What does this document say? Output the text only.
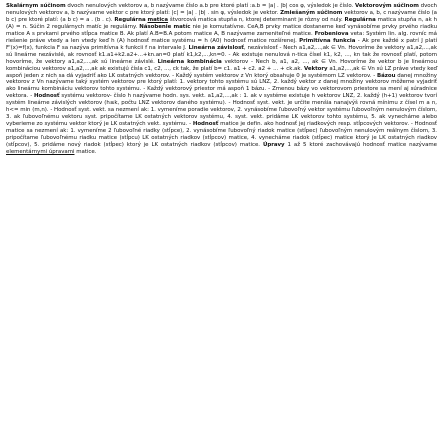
Skalárnym súčinom dvoch nenulových vektorov a, b nazývame číslo a.b pre ktoré platí :a.b = |a| . |b| cos φ, výsledok je číslo. Vektorovým súčinom dvoch nenulových vektorov a, b nazývame vektor c pre ktorý platí: |c| = |a| . |b| . sin φ, výsledok je vektor. Zmiešaným súčinom vektorov a, b, c nazývame číslo (a b c) pre ktoré platí: (a b c) = a . (b . c). Regulárna matica štvorcová matica stupňa n, ktorej determinant je rôzny od nuly. Regulárna matica stupňa n, ak h (A) = n. Súčin 2 regulárnych matíc je regulárny. Násobenie matíc nie je komutatívne. CeA,B prvky matice dostaneme keď vynásobíme prvky prvého riadku matice A s prvkami prvého stĺpca matice B. Ak platí A.B=B.A potom matice A, B nazývame zameniteľné matice. Frobeniova veta: Systém lin. alg. rovníc má riešenie práve vtedy a len vtedy keď h (A) hodnosť matice systému = h (A0) hodnosť matice rozšírenej. Primitívna funkcia - Ak pre každé x patrí J platí F'(x)=f(x), funkcia F sa nazýva primitívna k funkcii f na intervale J. Lineárna závislosť, nezávislosť - Nech a1,a2,...,ak ∈ Vn. Hovoríme že vektory a1,a2,...,ak sú lineárne nezávislé, ak rovnosť k1.a1+k2.a2+...+kn.an=0 platí k1,k2,...,kn=0. - Ak existuje nenulová n-tica čísel k1, k2, ..., kn tak že rovnosť platí, potom hovoríme, že vektory a1,a2,...,ak sú lineárne závislé. Lineárna kombinácia vektorov - Nech b, a1, a2, ..., ak ∈ Vn. Hovoríme že vektor b je lineárnou kombináciou vektorov a1,a2,...,ak ak existujú čísla c1, c2, ..., ck tak, že platí b= c1. a1 + c2. a2 + ... + ck.ak. Vektory a1,a2,...,ak ∈ Vn sú LZ práve vtedy keď aspoň jeden z nich sa dá vyjadriť ako LK ostatných vektorov. - Každý systém vektorov z Vn ktorý obsahuje 0 je systémom LZ vektorov. - Bázou danej množiny vektorov z Vn nazývame taký systém vektorov pre ktorý platí: 1. vektory tohto systému sú LNZ, 2. každý vektor z danej množiny vektorov môžeme vyjadriť ako lineárnu kombináciu vektorov tohto systému. - Každý vektorový priestor má aspoň 1 bázu. - Zmenou bázy vo vektorovom priestore sa mení aj súradnice vektora. - Hodnosť systému vektorov- číslo h nazývame hodn. sys. vekt. a1,a2,...,ak : 1. ak v systéme existuje h vektorov LNZ, 2. každý (h+1) vektorov tvorí systém lineárne závislých vektorov (h≤k, počtu LNZ vektorov daného systému). - Hodnosť syst. vekt. je určite menšia nanajvýš rovná mínimu z čísel m a n, h<= min (m,n). - Hodnosť syst. vekt. sa nezmení ak: 1. vymeníme poradie vektorov, 2. vynásobíme ľubovoľný vektor systému ľubovoľným nenulovým číslom, 3. ak ľubovoľnému vektoru syst. pripočítame LK ostatných vektorov systému, 4. syst. vekt. pridáme LK vektorov tohto systému, 5. ak vynecháme alebo vyberieme zo systému vektor ktorý je LK ostatných vekt. systému. - Hodnosť matice je defin. ako hodnosť jej riadkových resp. stĺpcových vektorov. - Hodnosť matice sa nezmení ak: 1. vymeníme 2 ľubovoľné riadky (stĺpce), 2. vynásobíme ľubovoľný riadok matice (stĺpec) ľubovoľným nenulovým reálnym číslom, 3. pripočítame ľubovoľnému riadku matice (stĺpcu) LK ostatných riadkov (stĺpcov) matice, 4. vynecháme riadok (stĺpec) matice ktorý je LK ostatných riadkov (stĺpcov), 5. pridáme nový riadok (stĺpec) ktorý je LK ostatných riadkov (stĺpcov) matice. Úpravy 1 až 5 ktoré zachovávajú hodnosť matice nazývame elementárnymi úpravami matice.
